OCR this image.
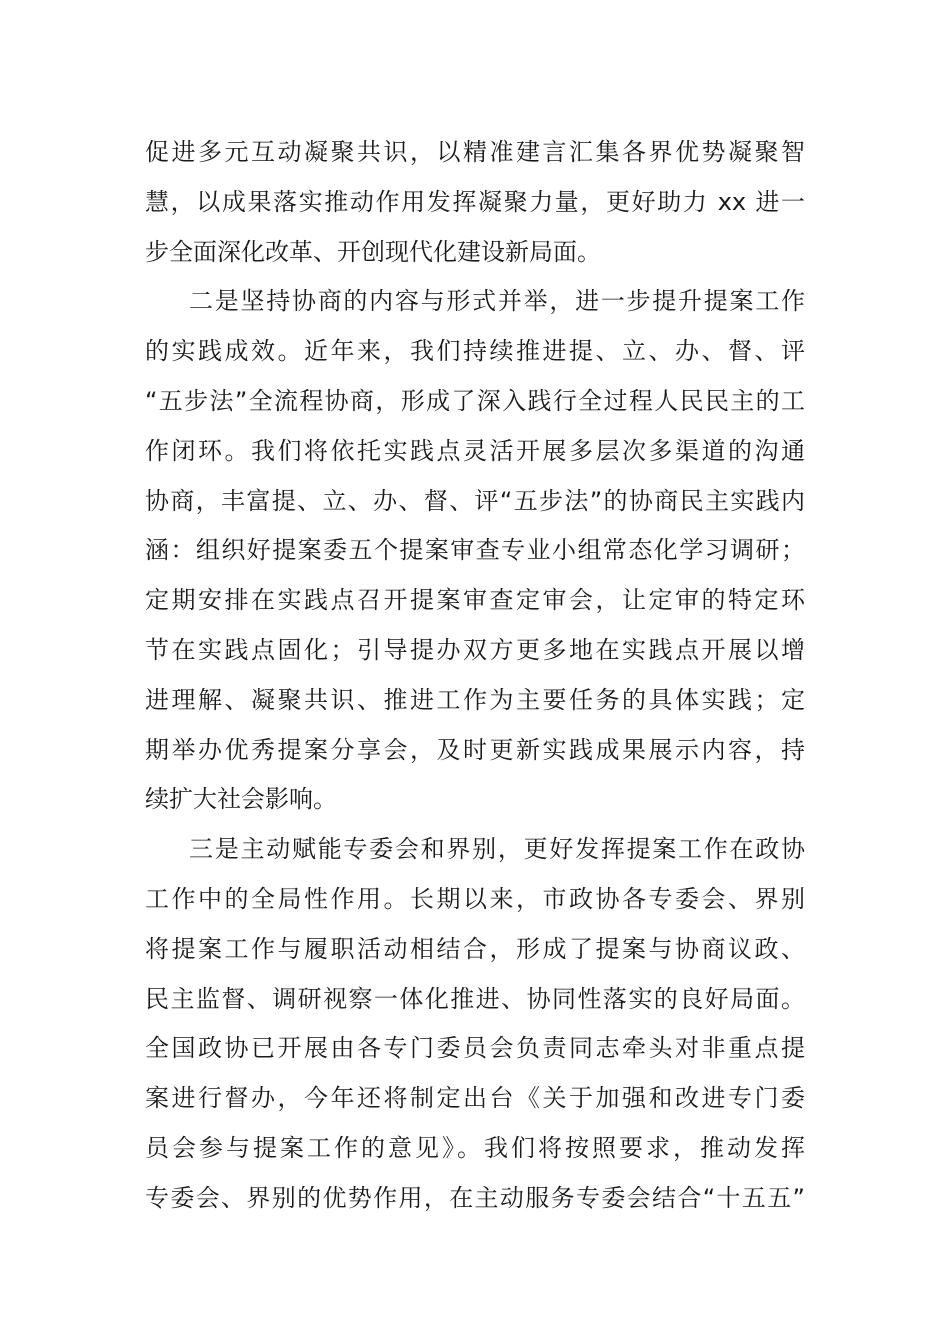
促进多元互动凝聚共识，以精准建言汇集各界优势凝聚智
慧，以成果落实推动作用发挥凝聚力量，更好助力 xx 进一
步全面深化改革、开创现代化建设新局面。
二是坚持协商的内容与形式并举，进一步提升提案工作
的实践成效。近年来，我们持续推进提、立、办、督、评
“五步法”全流程协商，形成了深入践行全过程人民民主的工
作闭环。我们将依托实践点灵活开展多层次多渠道的沟通
协商，丰富提、立、办、督、评“五步法”的协商民主实践内
涵：组织好提案委五个提案审查专业小组常态化学习调研；
定期安排在实践点召开提案审查定审会，让定审的特定环
节在实践点固化；引导提办双方更多地在实践点开展以增
进理解、凝聚共识、推进工作为主要任务的具体实践；定
期举办优秀提案分享会，及时更新实践成果展示内容，持
续扩大社会影响。
三是主动赋能专委会和界别，更好发挥提案工作在政协
工作中的全局性作用。长期以来，市政协各专委会、界别
将提案工作与履职活动相结合，形成了提案与协商议政、
民主监督、调研视察一体化推进、协同性落实的良好局面。
全国政协已开展由各专门委员会负责同志牵头对非重点提
案进行督办，今年还将制定出台《关于加强和改进专门委
员会参与提案工作的意见》。我们将按照要求，推动发挥
专委会、界别的优势作用，在主动服务专委会结合“十五五”
